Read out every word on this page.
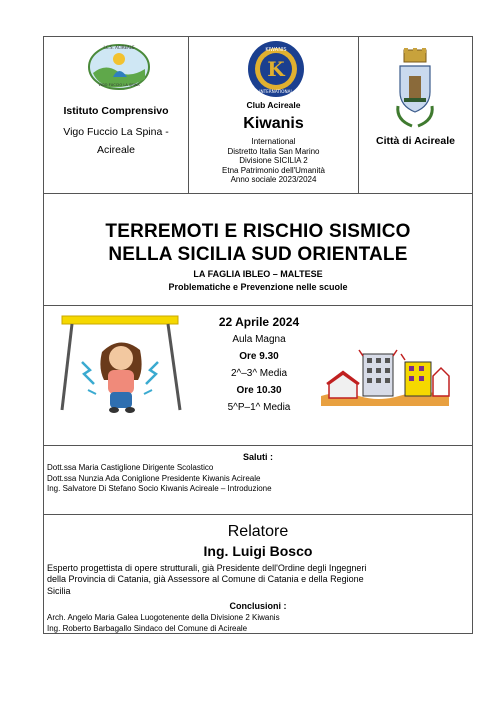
I.C.S. ACIREALE
VIGO FUCCIO LA SPINA
Istituto Comprensivo
Vigo Fuccio La Spina -
Acireale
K
KIWANIS
INTERNATIONAL
Club Acireale
Kiwanis
International
Distretto Italia San Marino
Divisione SICILIA 2
Etna Patrimonio dell'Umanità
Anno sociale 2023/2024
Città di Acireale
TERREMOTI E RISCHIO SISMICO
NELLA SICILIA SUD ORIENTALE
LA FAGLIA IBLEO – MALTESE
Problematiche e Prevenzione nelle scuole
22 Aprile 2024
Aula Magna
Ore 9.30
2^–3^ Media
Ore 10.30
5^P–1^ Media
Saluti :
Dott.ssa Maria Castiglione Dirigente Scolastico
Dott.ssa Nunzia Ada Coniglione Presidente Kiwanis Acireale
Ing. Salvatore Di Stefano Socio Kiwanis Acireale – Introduzione
Relatore
Ing. Luigi Bosco
Esperto progettista di opere strutturali, già Presidente dell'Ordine degli Ingegneri
della Provincia di Catania, già Assessore al Comune di Catania e della Regione
Sicilia
Conclusioni :
Arch. Angelo Maria Galea Luogotenente della Divisione 2 Kiwanis
Ing. Roberto Barbagallo Sindaco del Comune di Acireale
